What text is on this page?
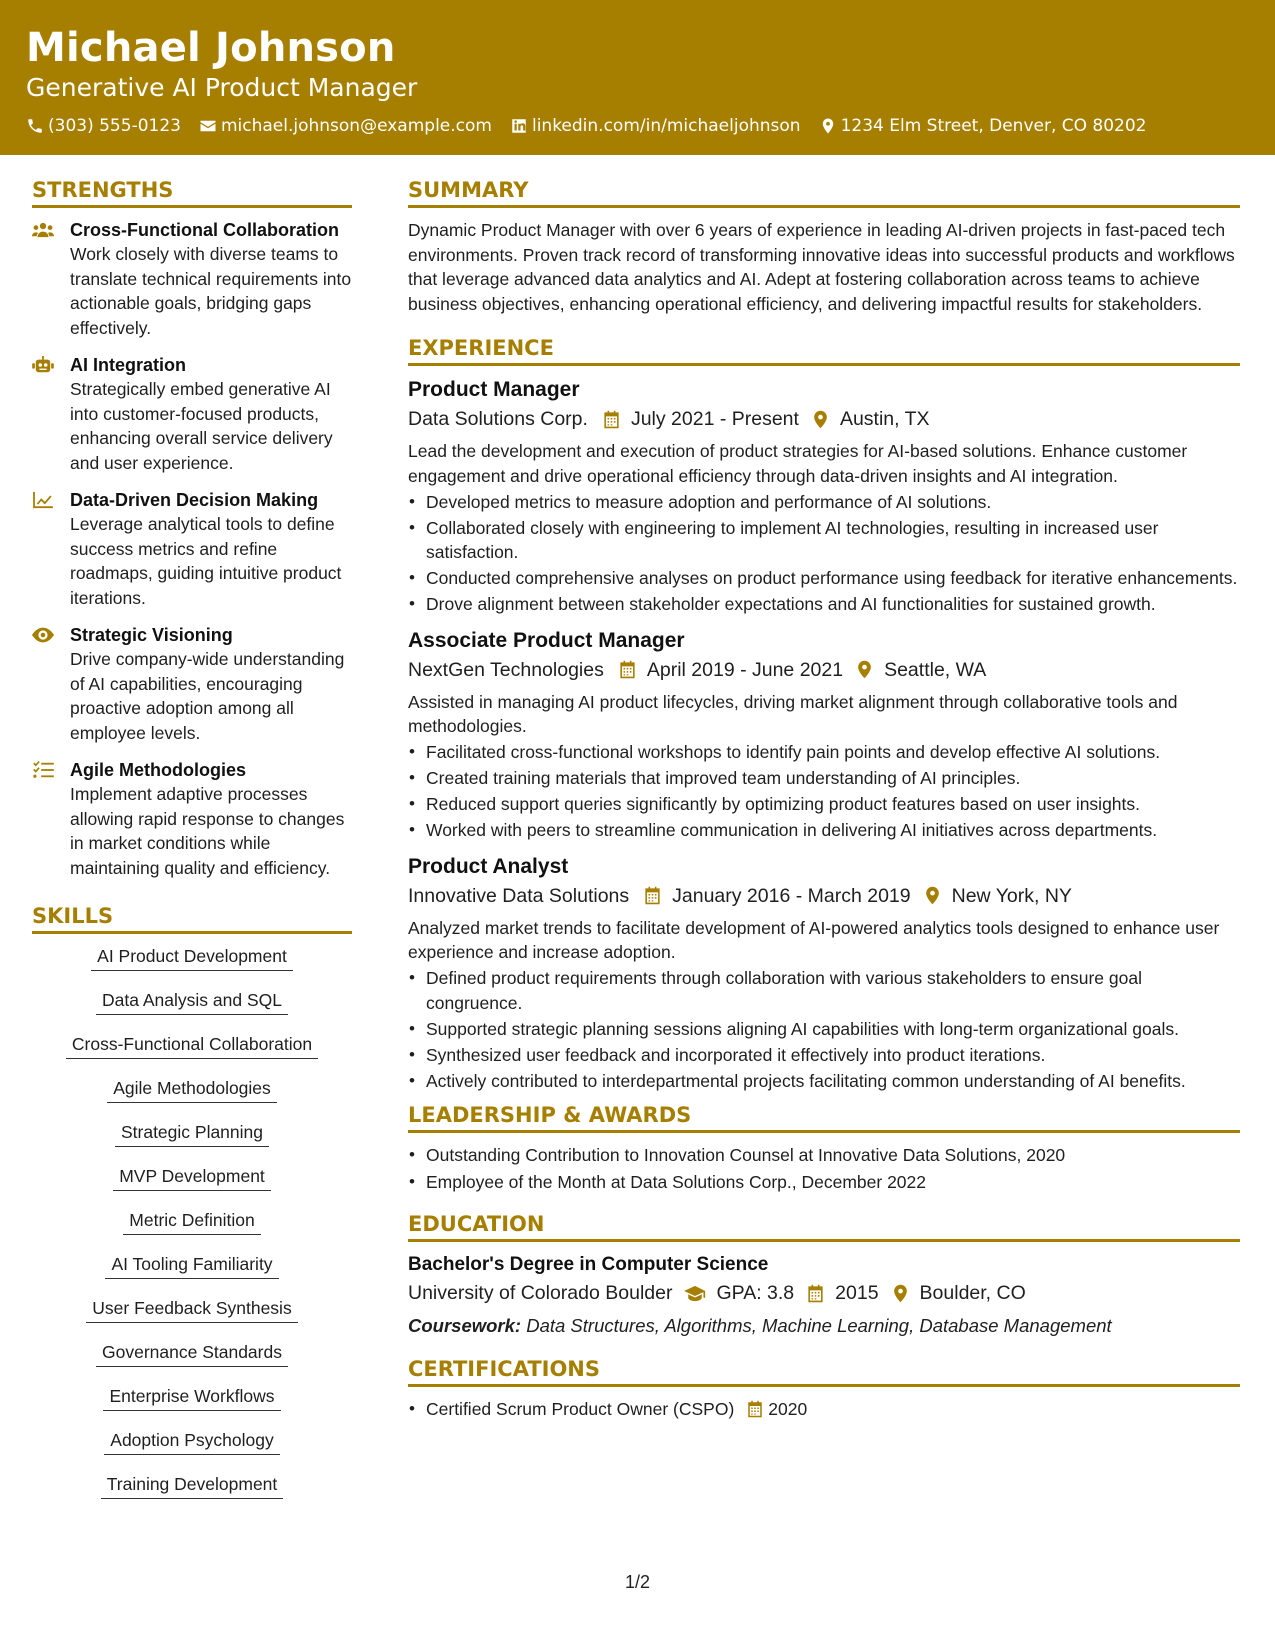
Michael Johnson
Generative AI Product Manager
(303) 555-0123 michael.johnson@example.com linkedin.com/in/michaeljohnson 1234 Elm Street, Denver, CO 80202
STRENGTHS
Cross-Functional Collaboration
Work closely with diverse teams to translate technical requirements into actionable goals, bridging gaps effectively.
AI Integration
Strategically embed generative AI into customer-focused products, enhancing overall service delivery and user experience.
Data-Driven Decision Making
Leverage analytical tools to define success metrics and refine roadmaps, guiding intuitive product iterations.
Strategic Visioning
Drive company-wide understanding of AI capabilities, encouraging proactive adoption among all employee levels.
Agile Methodologies
Implement adaptive processes allowing rapid response to changes in market conditions while maintaining quality and efficiency.
SKILLS
AI Product Development
Data Analysis and SQL
Cross-Functional Collaboration
Agile Methodologies
Strategic Planning
MVP Development
Metric Definition
AI Tooling Familiarity
User Feedback Synthesis
Governance Standards
Enterprise Workflows
Adoption Psychology
Training Development
SUMMARY

Dynamic Product Manager with over 6 years of experience in leading AI-driven projects in fast-paced tech environments. Proven track record of transforming innovative ideas into successful products and workflows that leverage advanced data analytics and AI. Adept at fostering collaboration across teams to achieve business objectives, enhancing operational efficiency, and delivering impactful results for stakeholders.

EXPERIENCE
Product Manager
Data Solutions Corp. July 2021 - Present Austin, TX
Lead the development and execution of product strategies for AI-based solutions. Enhance customer engagement and drive operational efficiency through data-driven insights and AI integration.
• Developed metrics to measure adoption and performance of AI solutions.
• Collaborated closely with engineering to implement AI technologies, resulting in increased user satisfaction.
• Conducted comprehensive analyses on product performance using feedback for iterative enhancements.
• Drove alignment between stakeholder expectations and AI functionalities for sustained growth.
Associate Product Manager
NextGen Technologies April 2019 - June 2021 Seattle, WA
Assisted in managing AI product lifecycles, driving market alignment through collaborative tools and methodologies.
• Facilitated cross-functional workshops to identify pain points and develop effective AI solutions.
• Created training materials that improved team understanding of AI principles.
• Reduced support queries significantly by optimizing product features based on user insights.
• Worked with peers to streamline communication in delivering AI initiatives across departments.
Product Analyst
Innovative Data Solutions January 2016 - March 2019 New York, NY
Analyzed market trends to facilitate development of AI-powered analytics tools designed to enhance user experience and increase adoption.
• Defined product requirements through collaboration with various stakeholders to ensure goal congruence.
• Supported strategic planning sessions aligning AI capabilities with long-term organizational goals.
• Synthesized user feedback and incorporated it effectively into product iterations.
• Actively contributed to interdepartmental projects facilitating common understanding of AI benefits.
LEADERSHIP & AWARDS
• Outstanding Contribution to Innovation Counsel at Innovative Data Solutions, 2020
• Employee of the Month at Data Solutions Corp., December 2022
EDUCATION
Bachelor's Degree in Computer Science
University of Colorado Boulder GPA: 3.8 2015 Boulder, CO
Coursework: Data Structures, Algorithms, Machine Learning, Database Management
CERTIFICATIONS
• Certified Scrum Product Owner (CSPO) 2020
1/2
